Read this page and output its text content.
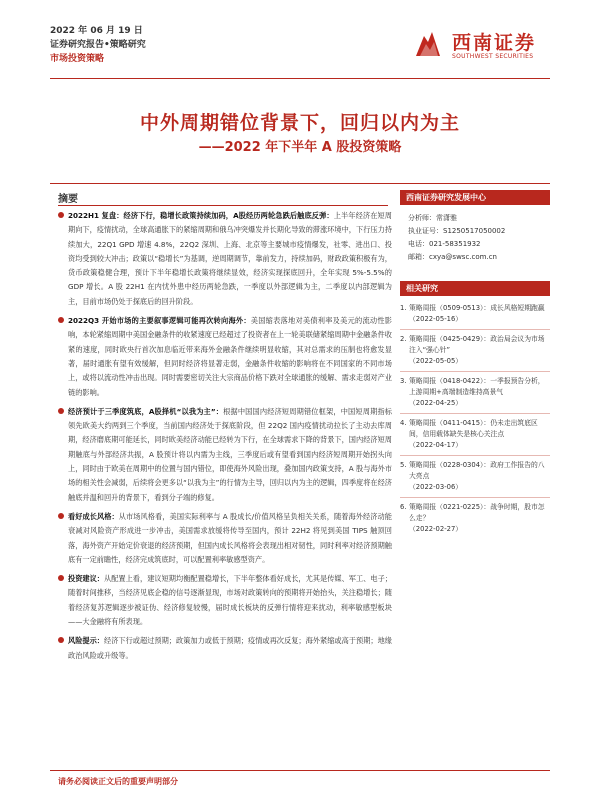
2022 年 06 月 19 日
证券研究报告•策略研究
市场投资策略
西南证券
SOUTHWEST SECURITIES
中外周期错位背景下，回归以内为主
——2022 年下半年 A 股投资策略
摘要
2022H1 复盘：经济下行，稳增长政策持续加码，A股经历两轮急跌后触底反弹：上半年经济在短周期向下，疫情扰动，全球高通胀下的紧缩周期和俄乌冲突爆发并长期化导致的滞涨环境中，下行压力持续加大，22Q1 GPD 增速 4.8%，22Q2 深圳、上海、北京等主要城市疫情爆发，社零、进出口、投资均受到较大冲击；政策以“稳增长”为基调，逆周期调节，靠前发力，持续加码，财政政策积极有为，货币政策稳健合理，预计下半年稳增长政策将继续显效，经济实现探底回升，全年实现 5%-5.5%的 GDP 增长。A 股 22H1 在内忧外患中经历两轮急跌，一季度以外部逻辑为主，二季度以内部逻辑为主，目前市场仍处于探底后的回升阶段。
2022Q3 开始市场的主要叙事逻辑可能再次转向海外：美国缩表落地对美债利率及美元的流动性影响，本轮紧缩周期中美国金融条件的收紧速度已经超过了投资者在上一轮美联储紧缩周期中金融条件收紧的速度，同时欧央行首次加息临近带来海外金融条件继续明显收缩，其对总需求的压制也将愈发显著，届时通胀有望有效缓解，但同时经济将显著走弱，金融条件收缩的影响将在不同国家的不同市场上，或将以流动性冲击出现。同时需要密切关注大宗商品价格下跌对全球通胀的缓解、需求走弱对产业链的影响。
经济预计于三季度筑底，A股择机“以我为主”：根据中国国内经济短周期错位框架，中国短周期指标领先欧美大约两到三个季度，当前国内经济处于探底阶段，但 22Q2 国内疫情扰动拉长了主动去库周期，经济磨底期可能延长，同时欧美经济动能已经转为下行，在全球需求下降的背景下，国内经济短周期触底与外部经济共振，A 股预计将以内需为主线，三季度后或有望看到国内经济短周期开始拐头向上，同时由于欧美在周期中的位置与国内错位，即使海外风险出现，叠加国内政策支持，A 股与海外市场的相关性会减弱，后续将会更多以“以我为主”的行情为主导，回归以内为主的逻辑，四季度将在经济触底并温和回升的背景下，看到分子端的修复。
看好成长风格：从市场风格看，美国实际利率与 A 股成长/价值风格呈负相关关系，随着海外经济动能衰减对风险资产形成进一步冲击，美国需求放缓将传导至国内，预计 22H2 将见到美国 TIPS 触顶回落，海外资产开始定价衰退的经济预期，但国内成长风格将会表现出相对韧性，同时利率对经济预期触底有一定前瞻性，经济完成筑底时，可以配置利率敏感型资产。
投资建议：从配置上看，建议短期均衡配置稳增长，下半年整体看好成长，尤其是传媒、军工、电子；随着时间推移，当经济见底企稳的信号逐渐显现，市场对政策转向的预期将开始抬头，关注稳增长；随着经济复苏逻辑逐步被证伪、经济修复较慢，届时成长板块的反弹行情将迎来扰动，利率敏感型板块——大金融将有所表现。
风险提示：经济下行或超过预期；政策加力或低于预期；疫情或再次反复；海外紧缩或高于预期；地缘政治风险或升级等。
西南证券研究发展中心
分析师：常潇雅
执业证号：S1250517050002
电话：021-58351932
邮箱：cxya@swsc.com.cn
相关研究
1. 策略周报（0509-0513）：成长风格短期跑赢
（2022-05-16）
2. 策略周报（0425-0429）：政治局会议为市场注入“强心针”
（2022-05-05）
3. 策略周报（0418-0422）：一季报预告分析，上游周期+高端制造维持高景气
（2022-04-25）
4. 策略周报（0411-0415）：仍未走出筑底区间，信用载体缺失是核心关注点
（2022-04-17）
5. 策略周报（0228-0304）：政府工作报告的八大亮点
（2022-03-06）
6. 策略周报（0221-0225）：战争时期，股市怎么走？
（2022-02-27）
请务必阅读正文后的重要声明部分
